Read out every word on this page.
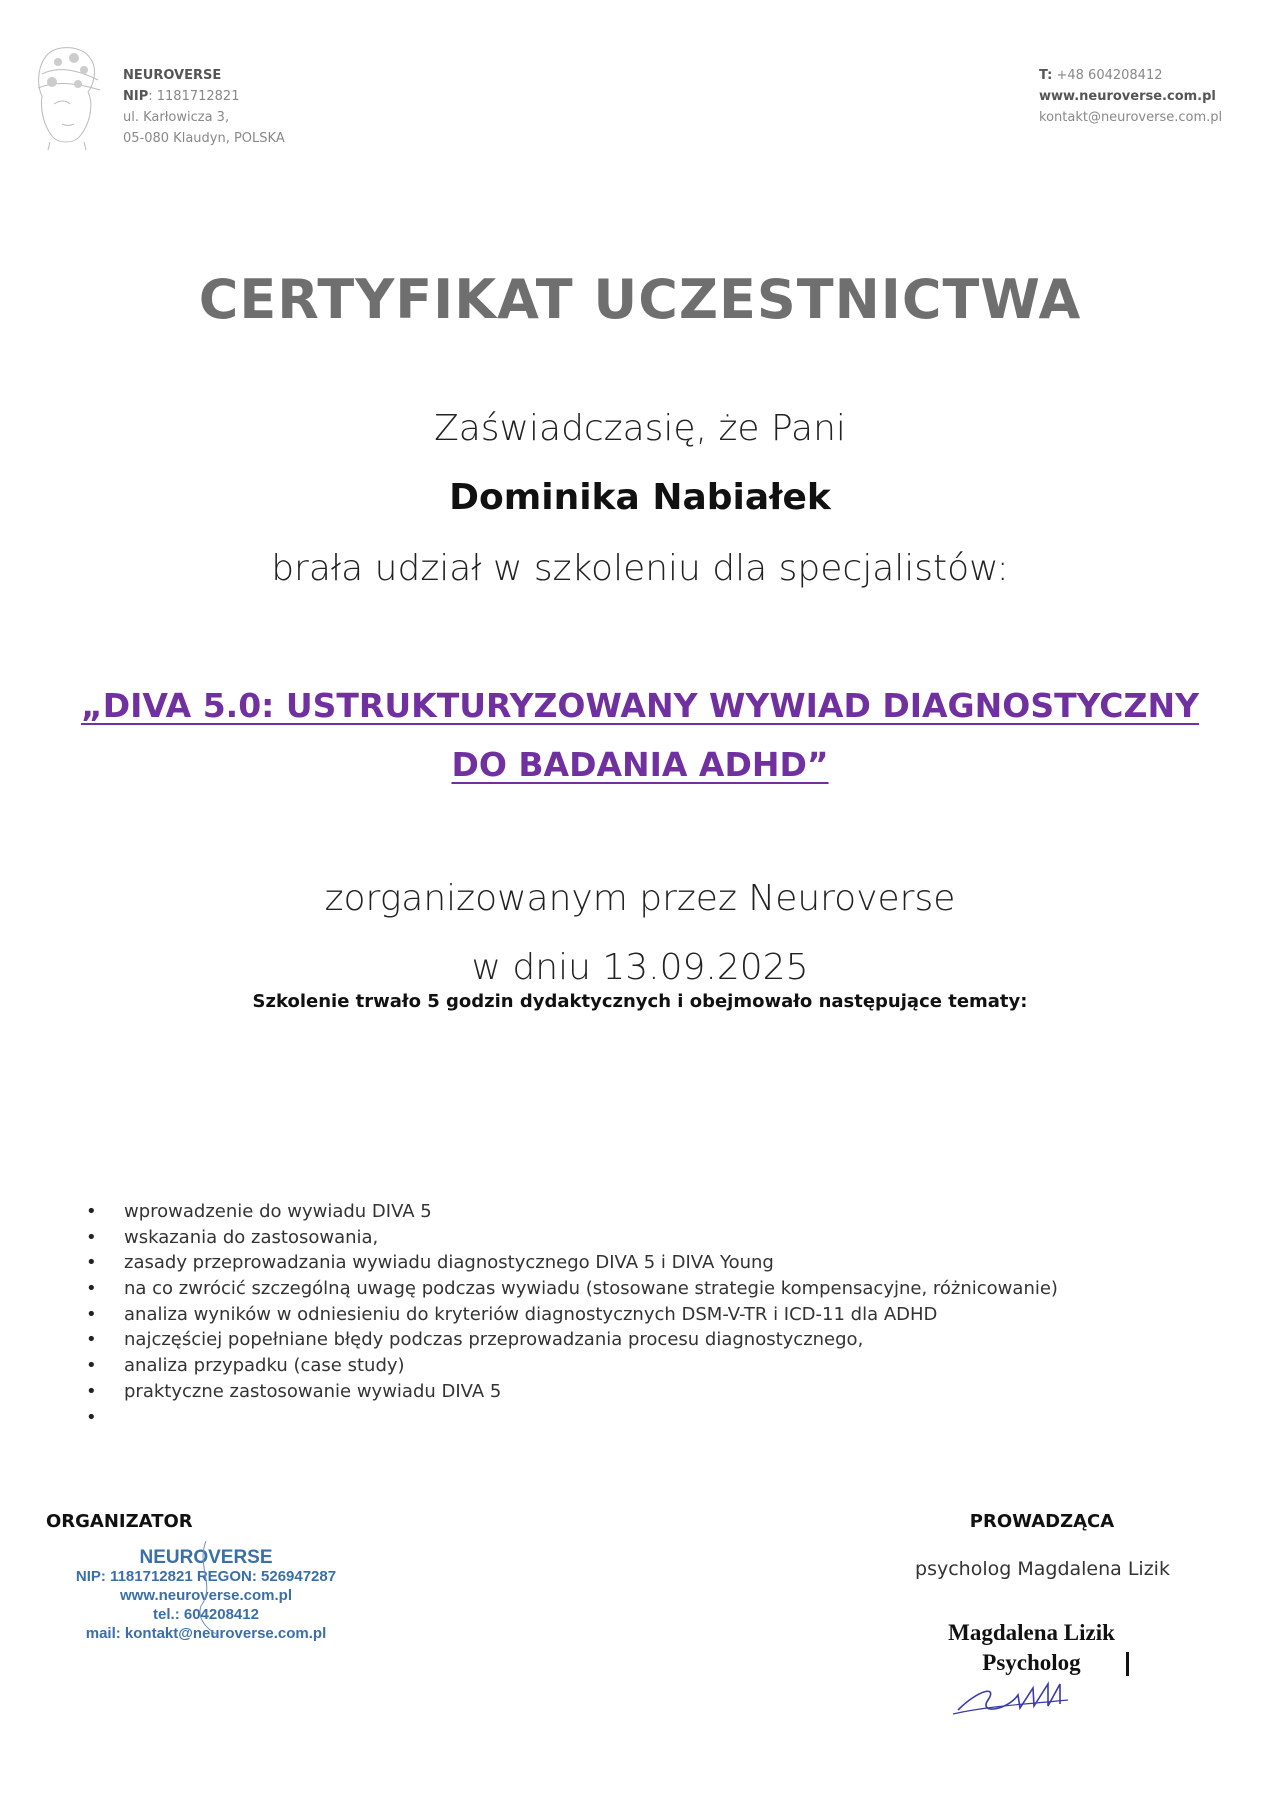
NEUROVERSE
NIP: 1181712821
ul. Karłowicza 3,
05-080 Klaudyn, POLSKA
T: +48 604208412
www.neuroverse.com.pl
kontakt@neuroverse.com.pl
CERTYFIKAT UCZESTNICTWA
Zaświadczasię, że Pani
Dominika Nabiałek
brała udział w szkoleniu dla specjalistów:
„DIVA 5.0: USTRUKTURYZOWANY WYWIAD DIAGNOSTYCZNY
DO BADANIA ADHD”
zorganizowanym przez Neuroverse
w dniu 13.09.2025
Szkolenie trwało 5 godzin dydaktycznych i obejmowało następujące tematy:
• wprowadzenie do wywiadu DIVA 5
• wskazania do zastosowania,
• zasady przeprowadzania wywiadu diagnostycznego DIVA 5 i DIVA Young
• na co zwrócić szczególną uwagę podczas wywiadu (stosowane strategie kompensacyjne, różnicowanie)
• analiza wyników w odniesieniu do kryteriów diagnostycznych DSM-V-TR i ICD-11 dla ADHD
• najczęściej popełniane błędy podczas przeprowadzania procesu diagnostycznego,
• analiza przypadku (case study)
• praktyczne zastosowanie wywiadu DIVA 5
•
ORGANIZATOR
NEUROVERSE
NIP: 1181712821 REGON: 526947287
www.neuroverse.com.pl
tel.: 604208412
mail: kontakt@neuroverse.com.pl
PROWADZĄCA
psycholog Magdalena Lizik
Magdalena Lizik
Psycholog
